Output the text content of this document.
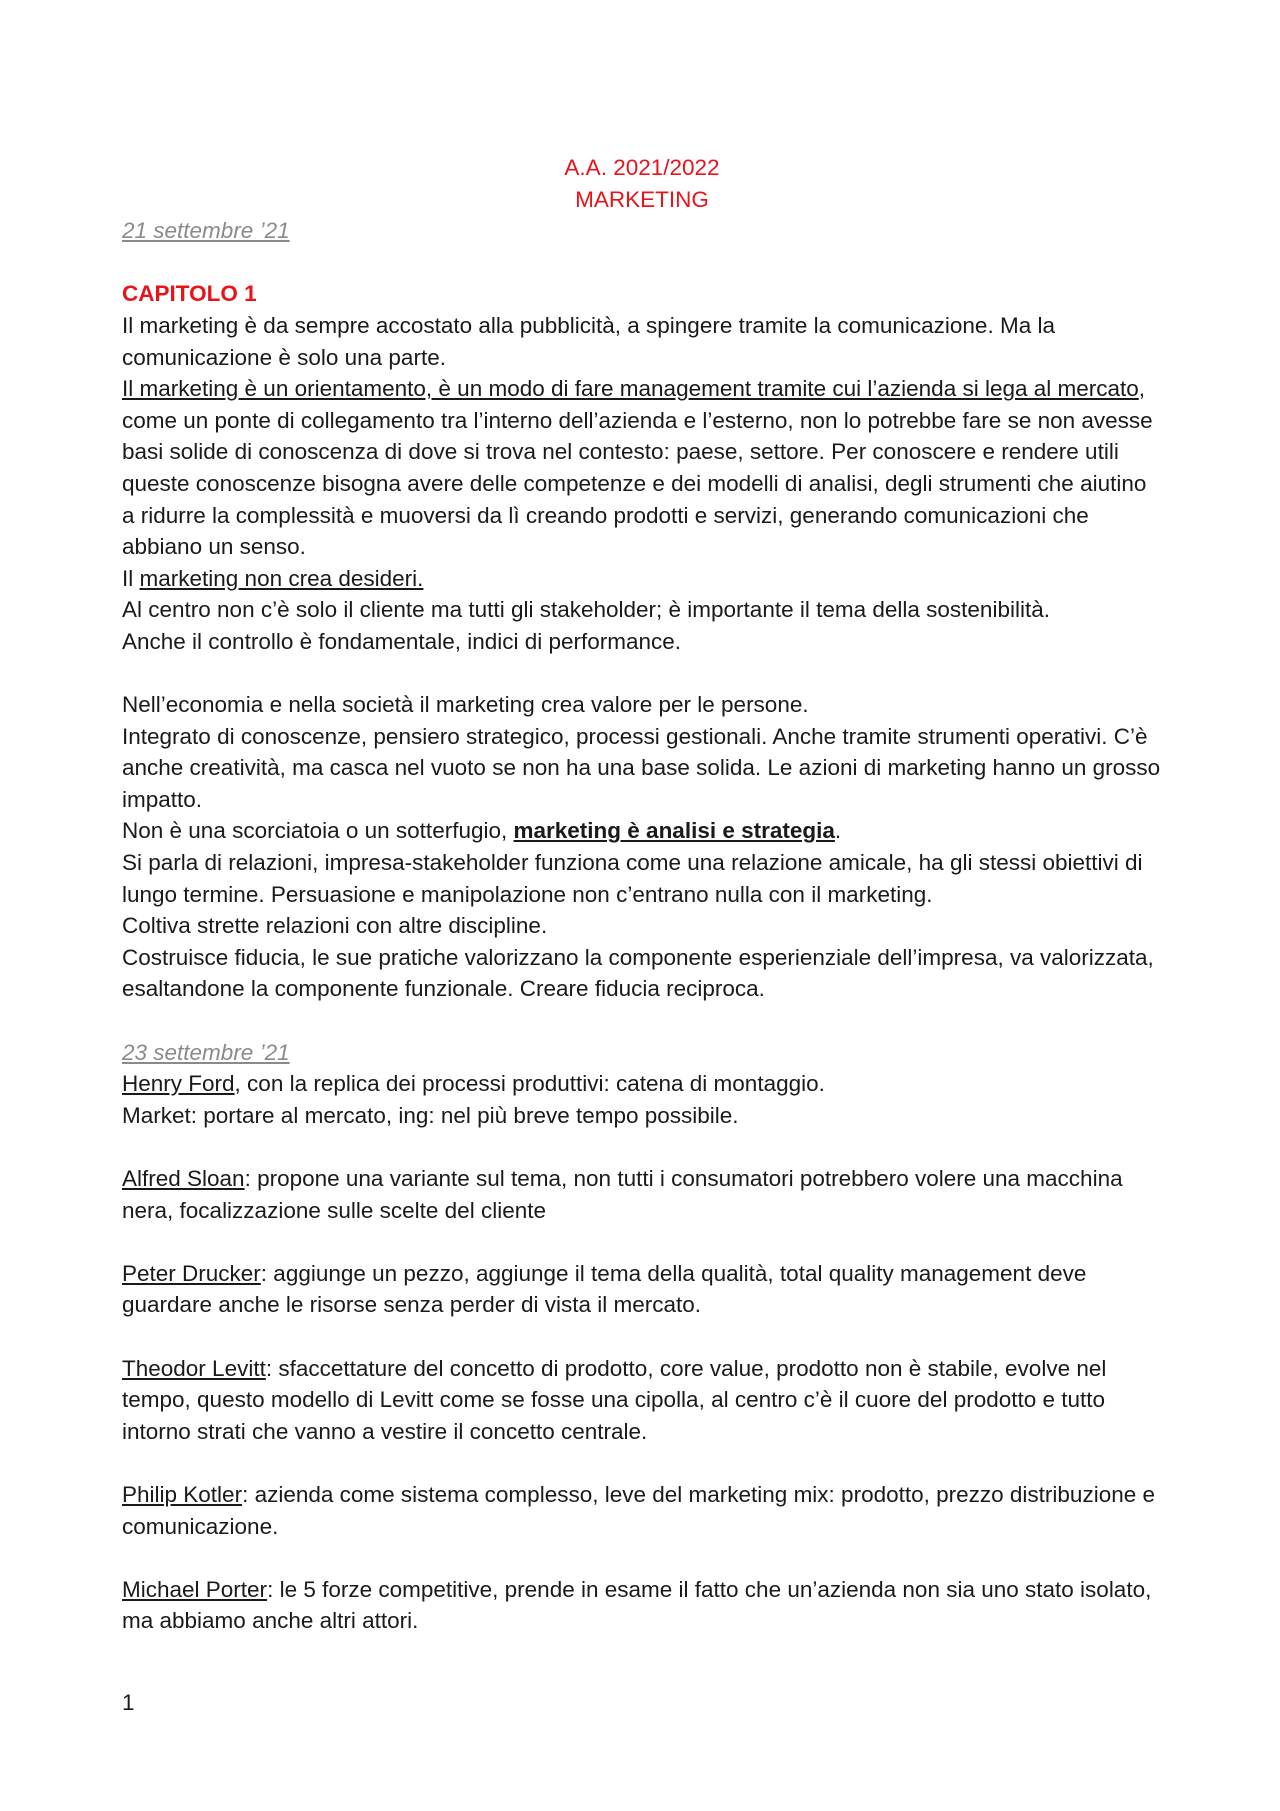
A.A. 2021/2022
MARKETING
21 settembre ’21
CAPITOLO 1

Il marketing è da sempre accostato alla pubblicità, a spingere tramite la comunicazione. Ma la comunicazione è solo una parte.

Il marketing è un orientamento, è un modo di fare management tramite cui l’azienda si lega al mercato, come un ponte di collegamento tra l’interno dell’azienda e l’esterno, non lo potrebbe fare se non avesse basi solide di conoscenza di dove si trova nel contesto: paese, settore. Per conoscere e rendere utili queste conoscenze bisogna avere delle competenze e dei modelli di analisi, degli strumenti che aiutino a ridurre la complessità e muoversi da lì creando prodotti e servizi, generando comunicazioni che abbiano un senso.

Il marketing non crea desideri.

Al centro non c’è solo il cliente ma tutti gli stakeholder; è importante il tema della sostenibilità.

Anche il controllo è fondamentale, indici di performance.

Nell’economia e nella società il marketing crea valore per le persone.

Integrato di conoscenze, pensiero strategico, processi gestionali. Anche tramite strumenti operativi. C’è anche creatività, ma casca nel vuoto se non ha una base solida. Le azioni di marketing hanno un grosso impatto.

Non è una scorciatoia o un sotterfugio, marketing è analisi e strategia.

Si parla di relazioni, impresa-stakeholder funziona come una relazione amicale, ha gli stessi obiettivi di lungo termine. Persuasione e manipolazione non c’entrano nulla con il marketing.

Coltiva strette relazioni con altre discipline.

Costruisce fiducia, le sue pratiche valorizzano la componente esperienziale dell’impresa, va valorizzata, esaltandone la componente funzionale. Creare fiducia reciproca.

23 settembre ’21

Henry Ford, con la replica dei processi produttivi: catena di montaggio.

Market: portare al mercato, ing: nel più breve tempo possibile.

Alfred Sloan: propone una variante sul tema, non tutti i consumatori potrebbero volere una macchina nera, focalizzazione sulle scelte del cliente

Peter Drucker: aggiunge un pezzo, aggiunge il tema della qualità, total quality management deve guardare anche le risorse senza perder di vista il mercato.

Theodor Levitt: sfaccettature del concetto di prodotto, core value, prodotto non è stabile, evolve nel tempo, questo modello di Levitt come se fosse una cipolla, al centro c’è il cuore del prodotto e tutto intorno strati che vanno a vestire il concetto centrale.

Philip Kotler: azienda come sistema complesso, leve del marketing mix: prodotto, prezzo distribuzione e comunicazione.

Michael Porter: le 5 forze competitive, prende in esame il fatto che un’azienda non sia uno stato isolato, ma abbiamo anche altri attori.

1
